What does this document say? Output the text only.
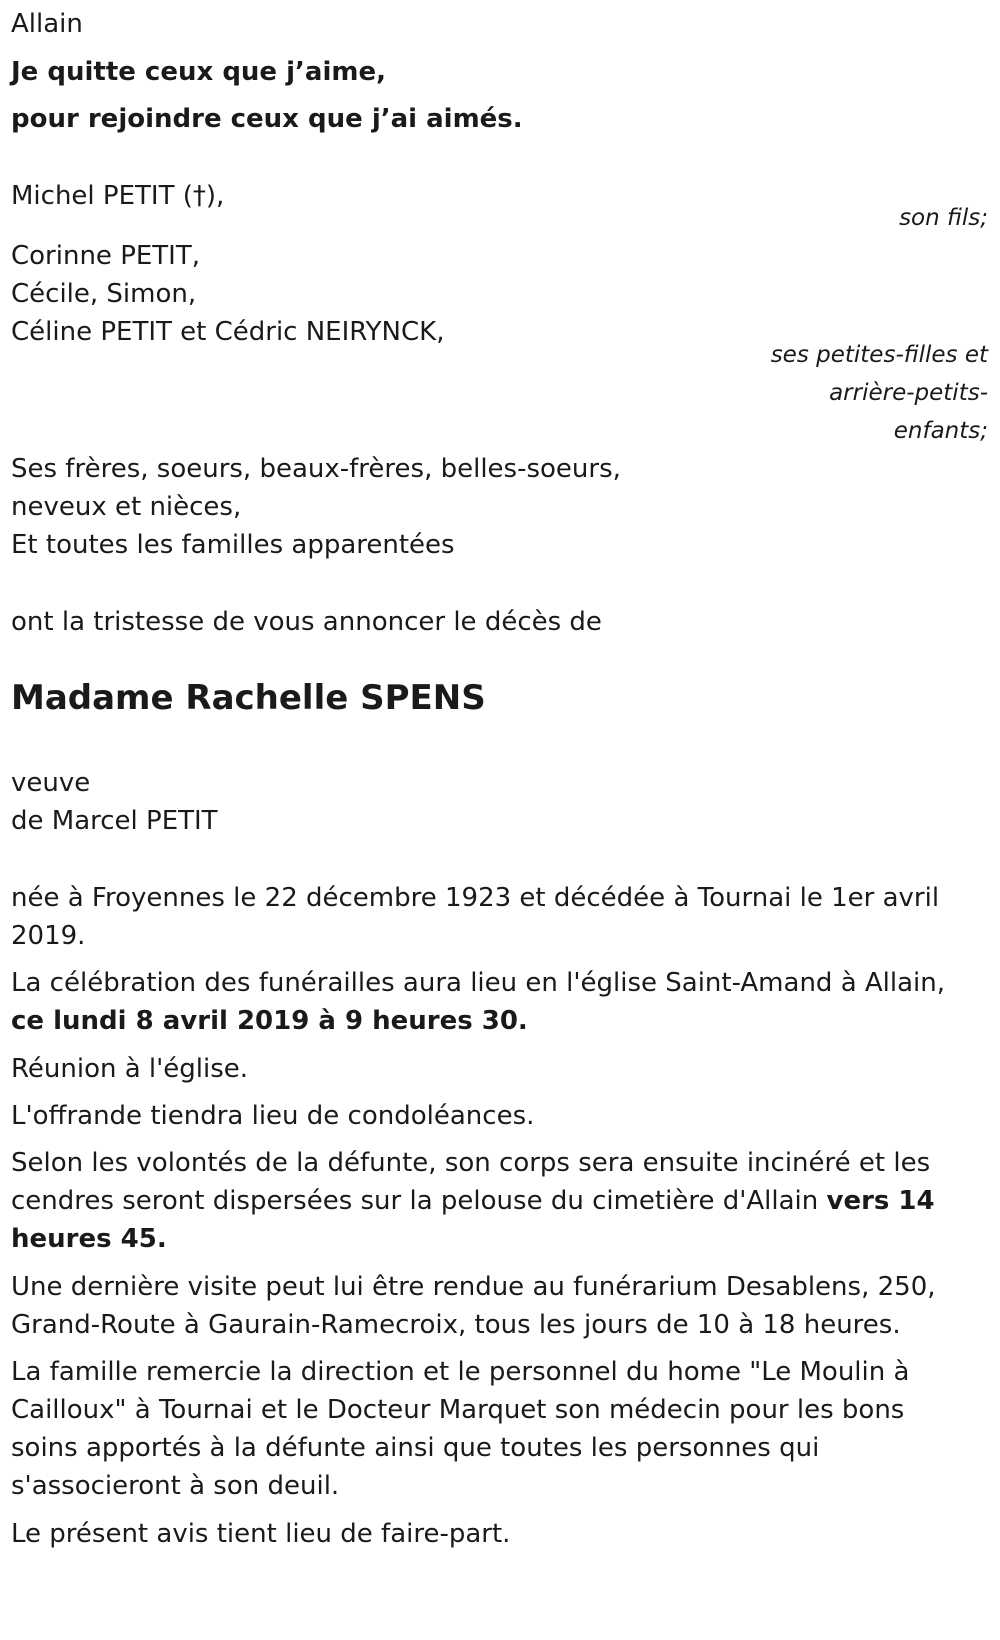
Allain
Je quitte ceux que j’aime,
pour rejoindre ceux que j’ai aimés.
Michel PETIT (†),
son fils;
Corinne PETIT,
Cécile, Simon,
Céline PETIT et Cédric NEIRYNCK,
ses petites-filles et
arrière-petits-
enfants;
Ses frères, soeurs, beaux-frères, belles-soeurs,
neveux et nièces,
Et toutes les familles apparentées
ont la tristesse de vous annoncer le décès de
Madame Rachelle SPENS
veuve
de Marcel PETIT
née à Froyennes le 22 décembre 1923 et décédée à Tournai le 1er avril
2019.
La célébration des funérailles aura lieu en l'église Saint-Amand à Allain,
ce lundi 8 avril 2019 à 9 heures 30.
Réunion à l'église.
L'offrande tiendra lieu de condoléances.
Selon les volontés de la défunte, son corps sera ensuite incinéré et les
cendres seront dispersées sur la pelouse du cimetière d'Allain vers 14
heures 45.
Une dernière visite peut lui être rendue au funérarium Desablens, 250,
Grand-Route à Gaurain-Ramecroix, tous les jours de 10 à 18 heures.
La famille remercie la direction et le personnel du home "Le Moulin à
Cailloux" à Tournai et le Docteur Marquet son médecin pour les bons
soins apportés à la défunte ainsi que toutes les personnes qui
s'associeront à son deuil.
Le présent avis tient lieu de faire-part.
